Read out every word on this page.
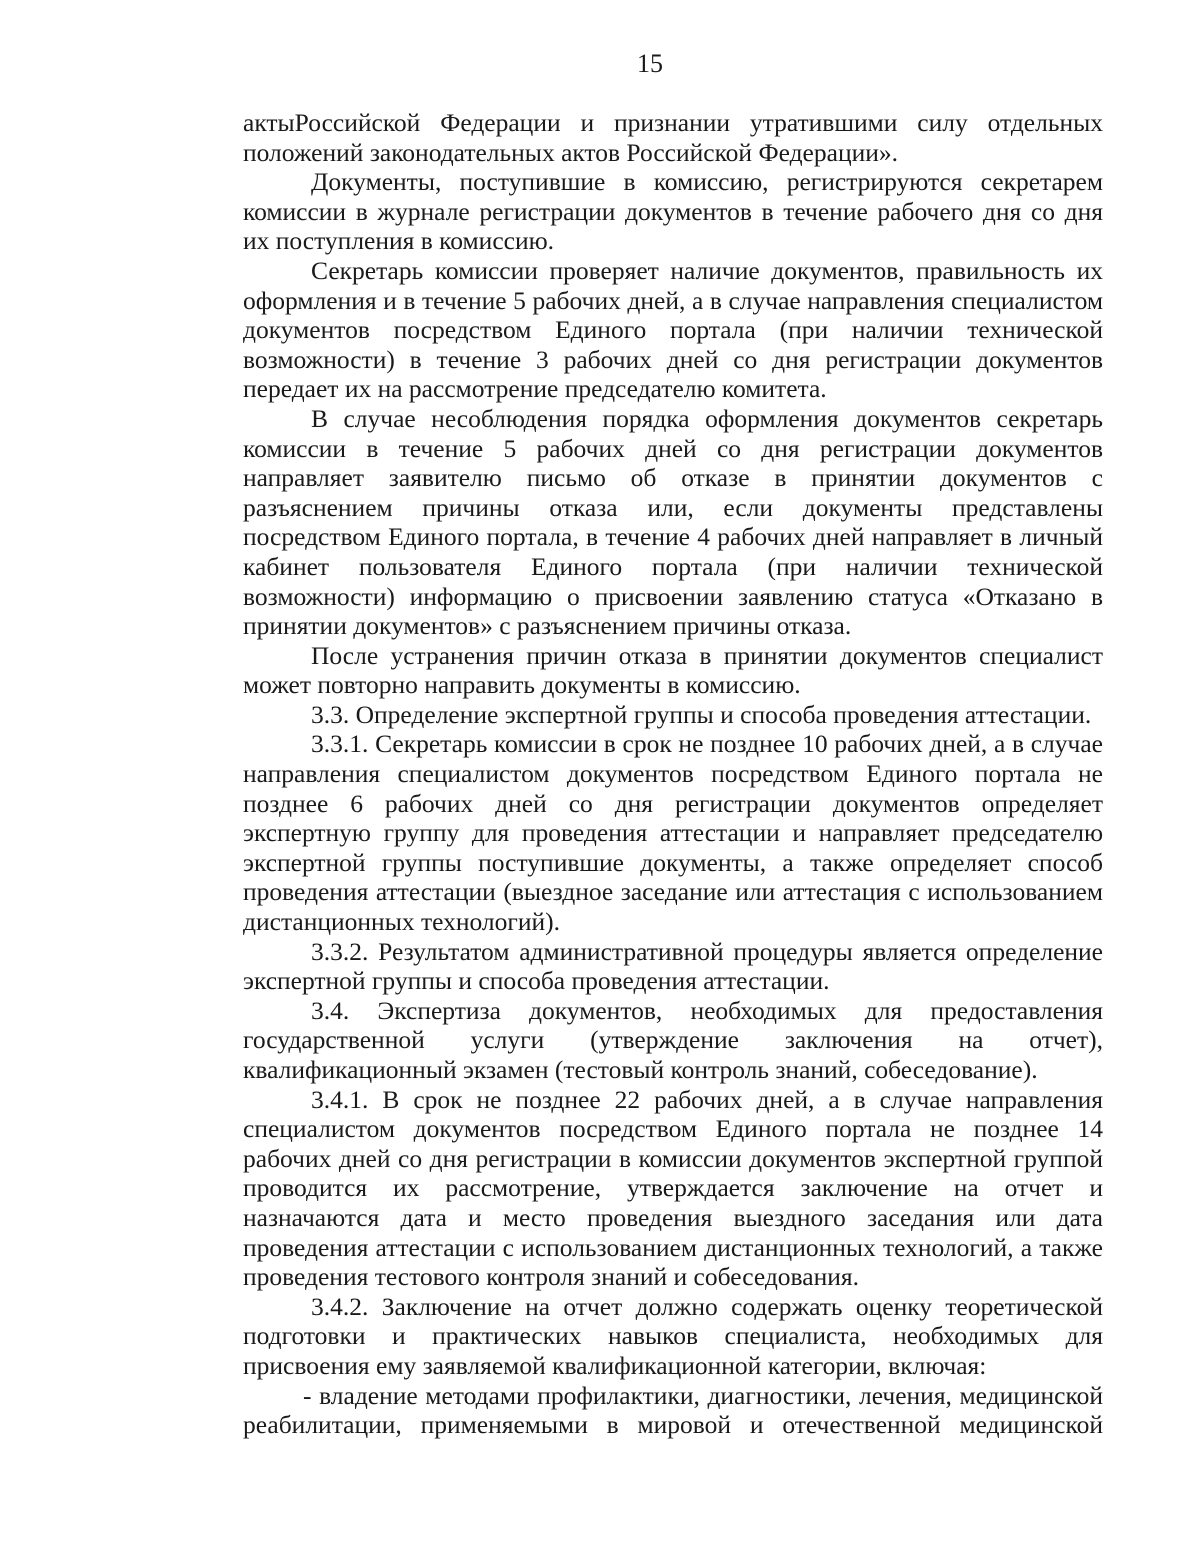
15

актыРоссийской Федерации и признании утратившими силу отдельных положений законодательных актов Российской Федерации».

Документы, поступившие в комиссию, регистрируются секретарем комиссии в журнале регистрации документов в течение рабочего дня со дня их поступления в комиссию.

Секретарь комиссии проверяет наличие документов, правильность их оформления и в течение 5 рабочих дней, а в случае направления специалистом документов посредством Единого портала (при наличии технической возможности) в течение 3 рабочих дней со дня регистрации документов передает их на рассмотрение председателю комитета.

В случае несоблюдения порядка оформления документов секретарь комиссии в течение 5 рабочих дней со дня регистрации документов направляет заявителю письмо об отказе в принятии документов с разъяснением причины отказа или, если документы представлены посредством Единого портала, в течение 4 рабочих дней направляет в личный кабинет пользователя Единого портала (при наличии технической возможности) информацию о присвоении заявлению статуса «Отказано в принятии документов» с разъяснением причины отказа.

После устранения причин отказа в принятии документов специалист может повторно направить документы в комиссию.

3.3. Определение экспертной группы и способа проведения аттестации.

3.3.1. Секретарь комиссии в срок не позднее 10 рабочих дней, а в случае направления специалистом документов посредством Единого портала не позднее 6 рабочих дней со дня регистрации документов определяет экспертную группу для проведения аттестации и направляет председателю экспертной группы поступившие документы, а также определяет способ проведения аттестации (выездное заседание или аттестация с использованием дистанционных технологий).

3.3.2. Результатом административной процедуры является определение экспертной группы и способа проведения аттестации.

3.4. Экспертиза документов, необходимых для предоставления государственной услуги (утверждение заключения на отчет), квалификационный экзамен (тестовый контроль знаний, собеседование).

3.4.1. В срок не позднее 22 рабочих дней, а в случае направления специалистом документов посредством Единого портала не позднее 14 рабочих дней со дня регистрации в комиссии документов экспертной группой проводится их рассмотрение, утверждается заключение на отчет и назначаются дата и место проведения выездного заседания или дата проведения аттестации с использованием дистанционных технологий, а также проведения тестового контроля знаний и собеседования.

3.4.2. Заключение на отчет должно содержать оценку теоретической подготовки и практических навыков специалиста, необходимых для присвоения ему заявляемой квалификационной категории, включая:

- владение методами профилактики, диагностики, лечения, медицинской реабилитации, применяемыми в мировой и отечественной медицинской
